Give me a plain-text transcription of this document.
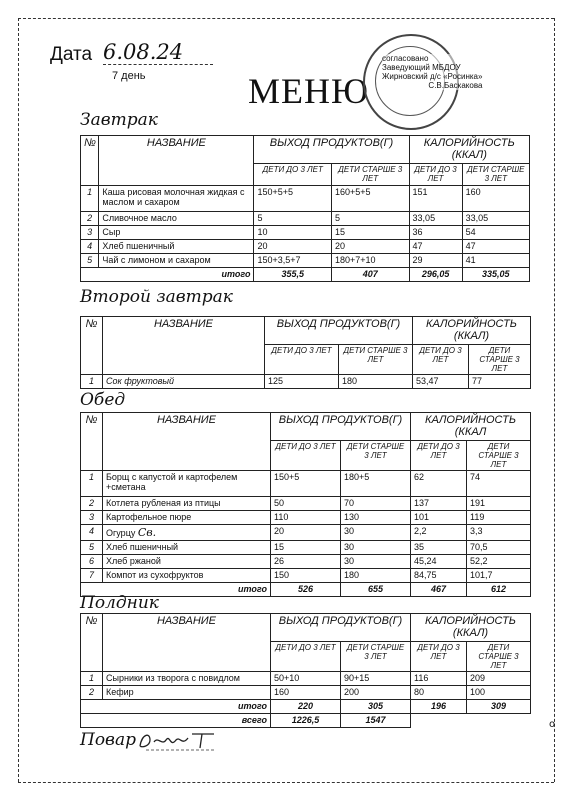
Дата 6.08.24
7 день	МЕНЮ
согласовано
Заведующий МБДОУ
Жирновский д/с «Росинка»
С.В.Баскакова
Завтрак
№	НАЗВАНИЕ	ВЫХОД ПРОДУКТОВ(Г)		КАЛОРИЙНОСТЬ (ККАЛ)	
		ДЕТИ ДО 3 ЛЕТ	ДЕТИ СТАРШЕ 3 ЛЕТ	ДЕТИ ДО 3 ЛЕТ	ДЕТИ СТАРШЕ 3 ЛЕТ
1	Каша рисовая молочная жидкая с маслом и сахаром	150+5+5	160+5+5	151	160
2	Сливочное масло	5	5	33,05	33,05
3	Сыр	10	15	36	54
4	Хлеб пшеничный	20	20	47	47
5	Чай с лимоном и сахаром	150+3,5+7	180+7+10	29	41
итого		355,5	407	296,05	335,05
Второй завтрак
№	НАЗВАНИЕ	ВЫХОД ПРОДУКТОВ(Г)		КАЛОРИЙНОСТЬ (ККАЛ)	
		ДЕТИ ДО 3 ЛЕТ	ДЕТИ СТАРШЕ 3 ЛЕТ	ДЕТИ ДО 3 ЛЕТ	ДЕТИ СТАРШЕ 3 ЛЕТ
1	Сок фруктовый	125	180	53,47	77
Обед
№	НАЗВАНИЕ	ВЫХОД ПРОДУКТОВ(Г)		КАЛОРИЙНОСТЬ (ККАЛ	
		ДЕТИ ДО 3 ЛЕТ	ДЕТИ СТАРШЕ 3 ЛЕТ	ДЕТИ ДО 3 ЛЕТ	ДЕТИ СТАРШЕ 3 ЛЕТ
1	Борщ с капустой и картофелем +сметана	150+5	180+5	62	74
2	Котлета рубленая из птицы	50	70	137	191
3	Картофельное пюре	110	130	101	119
4	Огурцу Св.	20	30	2,2	3,3
5	Хлеб пшеничный	15	30	35	70,5
6	Хлеб ржаной	26	30	45,24	52,2
7	Компот из сухофруктов	150	180	84,75	101,7
итого		526	655	467	612
Полдник
№	НАЗВАНИЕ	ВЫХОД ПРОДУКТОВ(Г)		КАЛОРИЙНОСТЬ (ККАЛ)	
		ДЕТИ ДО 3 ЛЕТ	ДЕТИ СТАРШЕ 3 ЛЕТ	ДЕТИ ДО 3 ЛЕТ	ДЕТИ СТАРШЕ 3 ЛЕТ
1	Сырники из творога с повидлом	50+10	90+15	116	209
2	Кефир	160	200	80	100
итого		220	305	196	309
всего		1226,5	1547		
Повар
o
